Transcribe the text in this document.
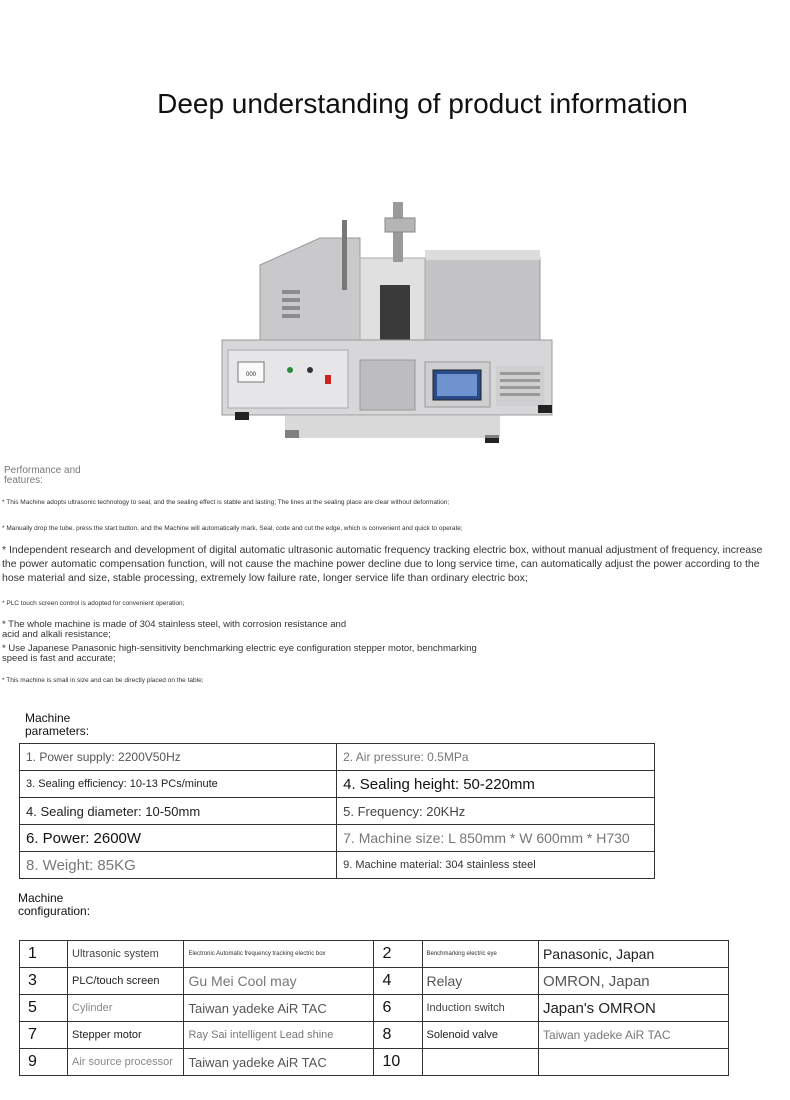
Deep understanding of product information
000
Performance and features:
* This Machine adopts ultrasonic technology to seal, and the sealing effect is stable and lasting; The lines at the sealing place are clear without deformation;
* Manually drop the tube, press the start button, and the Machine will automatically mark, Seal, code and cut the edge, which is convenient and quick to operate;
* Independent research and development of digital automatic ultrasonic automatic frequency tracking electric box, without manual adjustment of frequency, increase the power automatic compensation function, will not cause the machine power decline due to long service time, can automatically adjust the power according to the hose material and size, stable processing, extremely low failure rate, longer service life than ordinary electric box;
* PLC touch screen control is adopted for convenient operation;
* The whole machine is made of 304 stainless steel, with corrosion resistance and acid and alkali resistance;
* Use Japanese Panasonic high-sensitivity benchmarking electric eye configuration stepper motor, benchmarking speed is fast and accurate;
* This machine is small in size and can be directly placed on the table;
Machine parameters:
1. Power supply: 2200V50Hz	2. Air pressure: 0.5MPa
3. Sealing efficiency: 10-13 PCs/minute	4. Sealing height: 50-220mm
4. Sealing diameter: 10-50mm	5. Frequency: 20KHz
6. Power: 2600W	7. Machine size: L 850mm * W 600mm * H730
8. Weight: 85KG	9. Machine material: 304 stainless steel
Machine configuration:
1	Ultrasonic system	Electronic Automatic frequency tracking electric box	2	Benchmarking electric eye	Panasonic, Japan
3	PLC/touch screen	Gu Mei Cool may	4	Relay	OMRON, Japan
5	Cylinder	Taiwan yadeke AiR TAC	6	Induction switch	Japan's OMRON
7	Stepper motor	Ray Sai intelligent Lead shine	8	Solenoid valve	Taiwan yadeke AiR TAC
9	Air source processor	Taiwan yadeke AiR TAC	10		
